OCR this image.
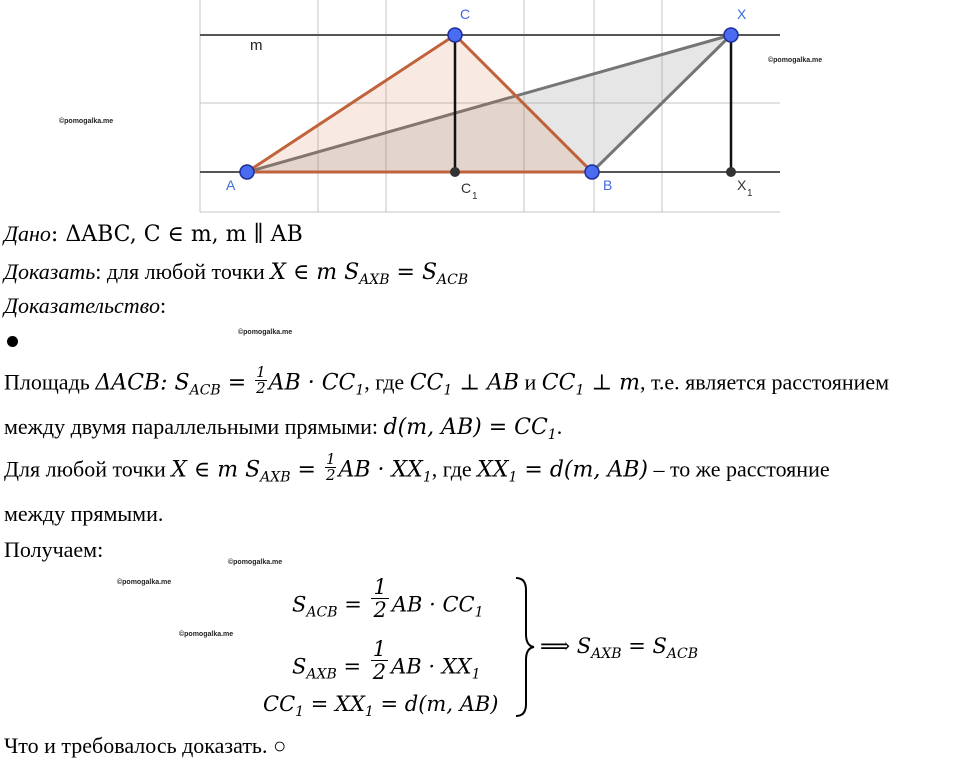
A	B
C	X
C
1
X
1
m
©pomogalka.me
©pomogalka.me
©pomogalka.me
©pomogalka.me
©pomogalka.me
©pomogalka.me
Дано: ΔABC, C ∈ m, m ∥ AB
Доказать: для любой точки X ∈ m $S_{AXB} = S_{ACB}$
Доказательство:
Площадь ΔACB: $S_{ACB} = \frac{1}{2}$ AB · $CC_1$, где $CC_1$ ⊥ AB и $CC_1$ ⊥ m, т.е. является расстоянием
между двумя параллельными прямыми: d(m, $AB) = CC_1$.
Для любой точки X ∈ m $S_{AXB} = \frac{1}{2}$ AB · $XX_1$, где $XX_1 = d(m$, AB) – то же расстояние
между прямыми.
Получаем:
$S_{ACB} = \frac{1}{2}$ AB · $CC_1$
$S_{AXB} = \frac{1}{2}$ AB · $XX_1$
$CC_1 = XX_1 = d(m$, AB)
⟹ $S_{AXB} = S_{ACB}$
Что и требовалось доказать. ○
